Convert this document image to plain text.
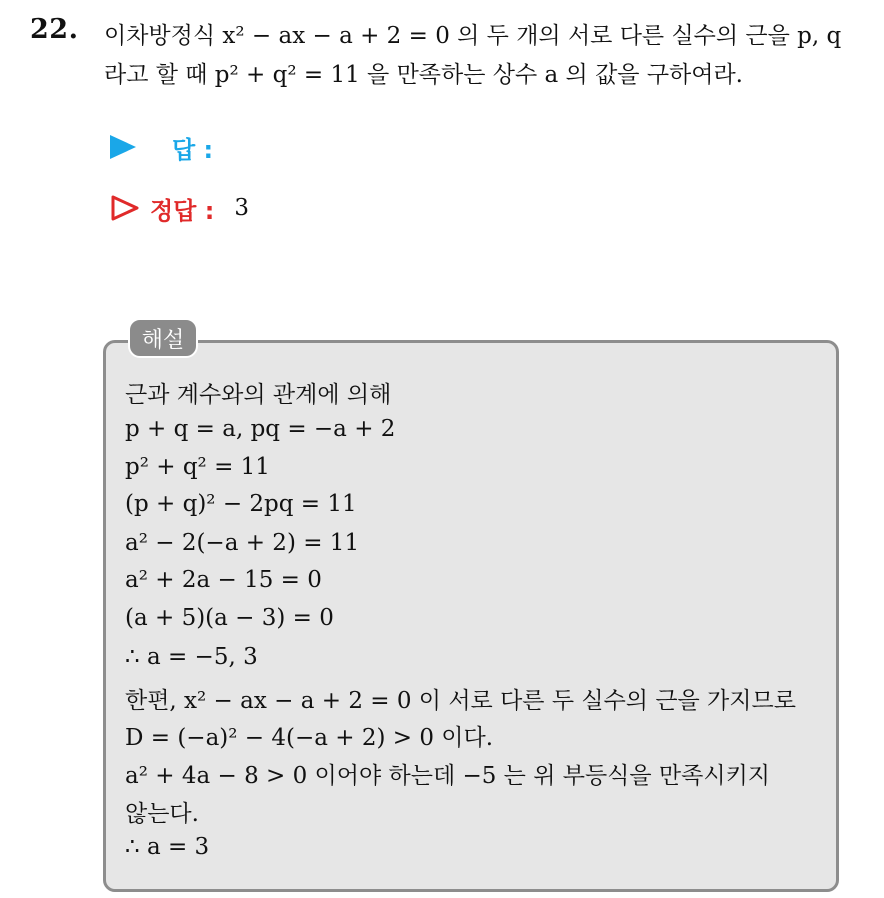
22. 이차방정식 x² − ax − a + 2 = 0 의 두 개의 서로 다른 실수의 근을 p, q
라고 할 때 p² + q² = 11 을 만족하는 상수 a 의 값을 구하여라.
답 :
정답 : 3
해설
근과 계수와의 관계에 의해
p + q = a, pq = −a + 2
p² + q² = 11
(p + q)² − 2pq = 11
a² − 2(−a + 2) = 11
a² + 2a − 15 = 0
(a + 5)(a − 3) = 0
∴ a = −5, 3
한편, x² − ax − a + 2 = 0 이 서로 다른 두 실수의 근을 가지므로
D = (−a)² − 4(−a + 2) > 0 이다.
a² + 4a − 8 > 0 이어야 하는데 −5 는 위 부등식을 만족시키지
않는다.
∴ a = 3
